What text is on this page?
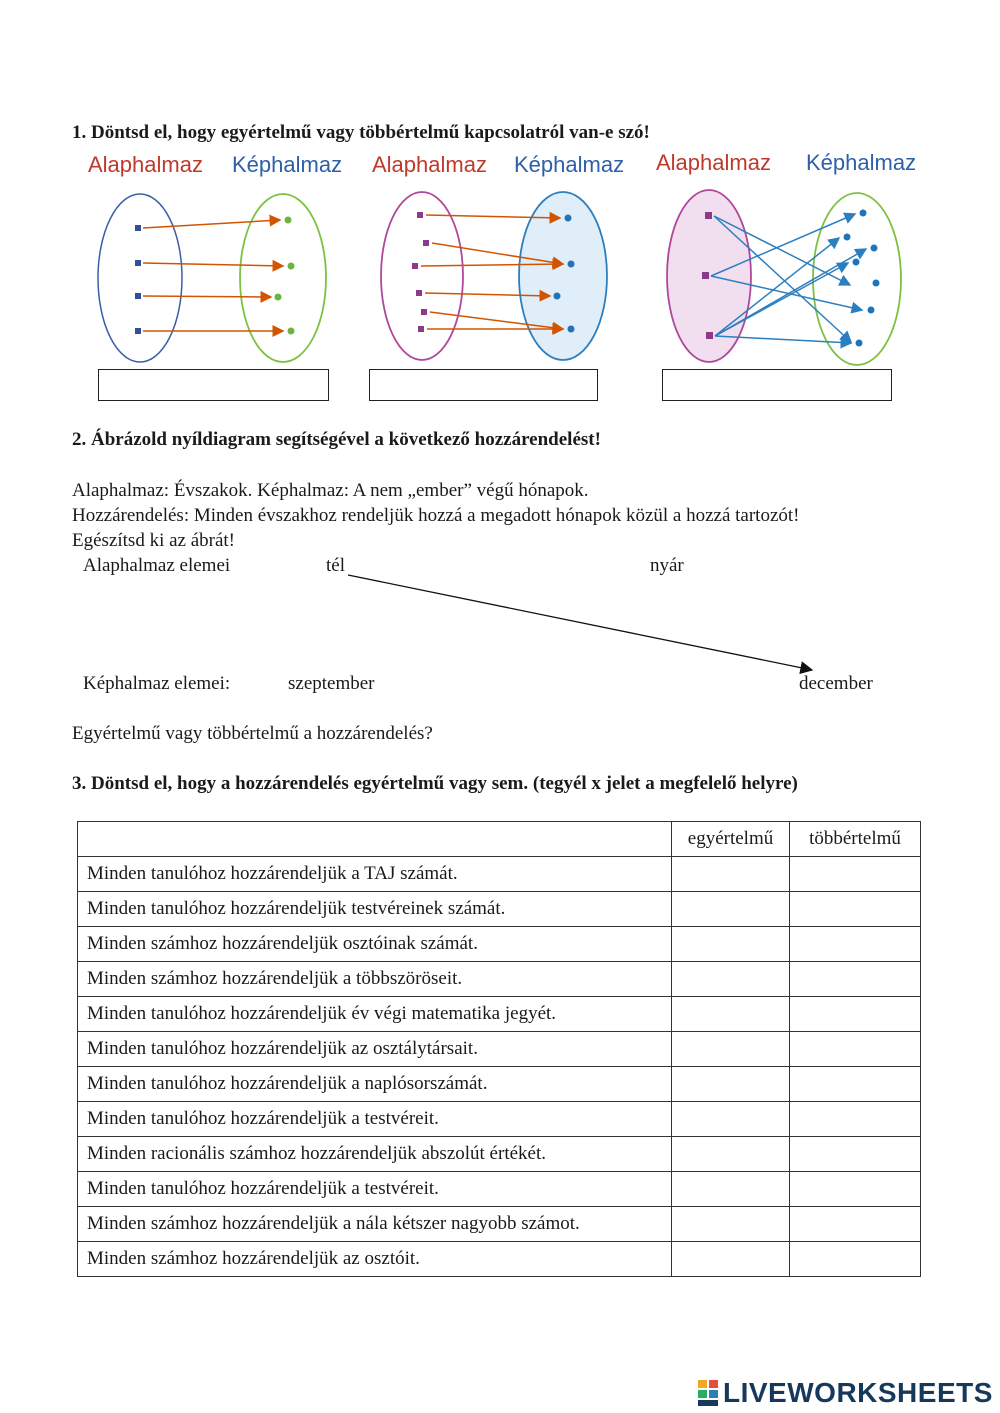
1. Döntsd el, hogy egyértelmű vagy többértelmű kapcsolatról van-e szó!
Alaphalmaz Képhalmaz Alaphalmaz Képhalmaz Alaphalmaz Képhalmaz
2. Ábrázold nyíldiagram segítségével a következő hozzárendelést!
Alaphalmaz: Évszakok. Képhalmaz: A nem „ember” végű hónapok.
Hozzárendelés: Minden évszakhoz rendeljük hozzá a megadott hónapok közül a hozzá tartozót!
Egészítsd ki az ábrát!
Alaphalmaz elemei	tél	nyár
Képhalmaz elemei:	szeptember	december
Egyértelmű vagy többértelmű a hozzárendelés?
3. Döntsd el, hogy a hozzárendelés egyértelmű vagy sem. (tegyél x jelet a megfelelő helyre)
	egyértelmű	többértelmű
Minden tanulóhoz hozzárendeljük a TAJ számát.		
Minden tanulóhoz hozzárendeljük testvéreinek számát.		
Minden számhoz hozzárendeljük osztóinak számát.		
Minden számhoz hozzárendeljük a többszöröseit.		
Minden tanulóhoz hozzárendeljük év végi matematika jegyét.		
Minden tanulóhoz hozzárendeljük az osztálytársait.		
Minden tanulóhoz hozzárendeljük a naplósorszámát.		
Minden tanulóhoz hozzárendeljük a testvéreit.		
Minden racionális számhoz hozzárendeljük abszolút értékét.		
Minden tanulóhoz hozzárendeljük a testvéreit.		
Minden számhoz hozzárendeljük a nála kétszer nagyobb számot.		
Minden számhoz hozzárendeljük az osztóit.		
LIVEWORKSHEETS
